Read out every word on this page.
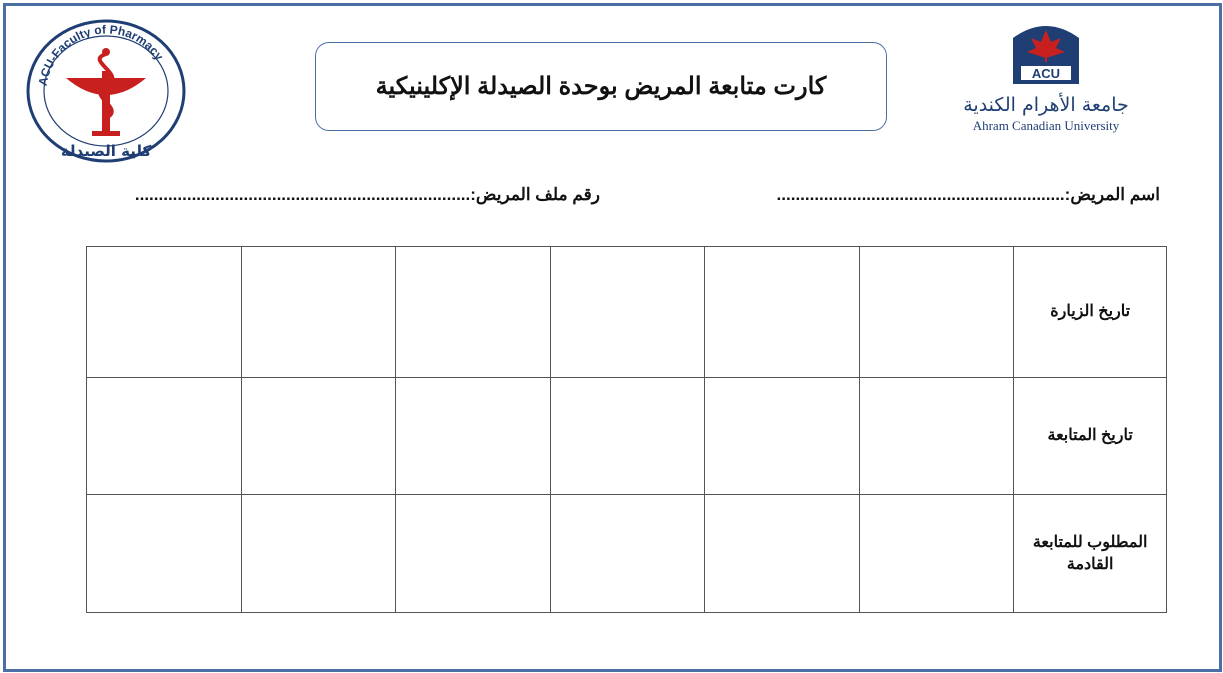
ACU-Faculty of Pharmacy
كلية الصيدلة
كارت متابعة المريض بوحدة الصيدلة الإكلينيكية	ACU
جامعة الأهرام الكندية
Ahram Canadian University
اسم المريض:.............................................................
رقم ملف المريض:.......................................................................
تاريخ الزيارة						
تاريخ المتابعة						
المطلوب للمتابعة القادمة						
